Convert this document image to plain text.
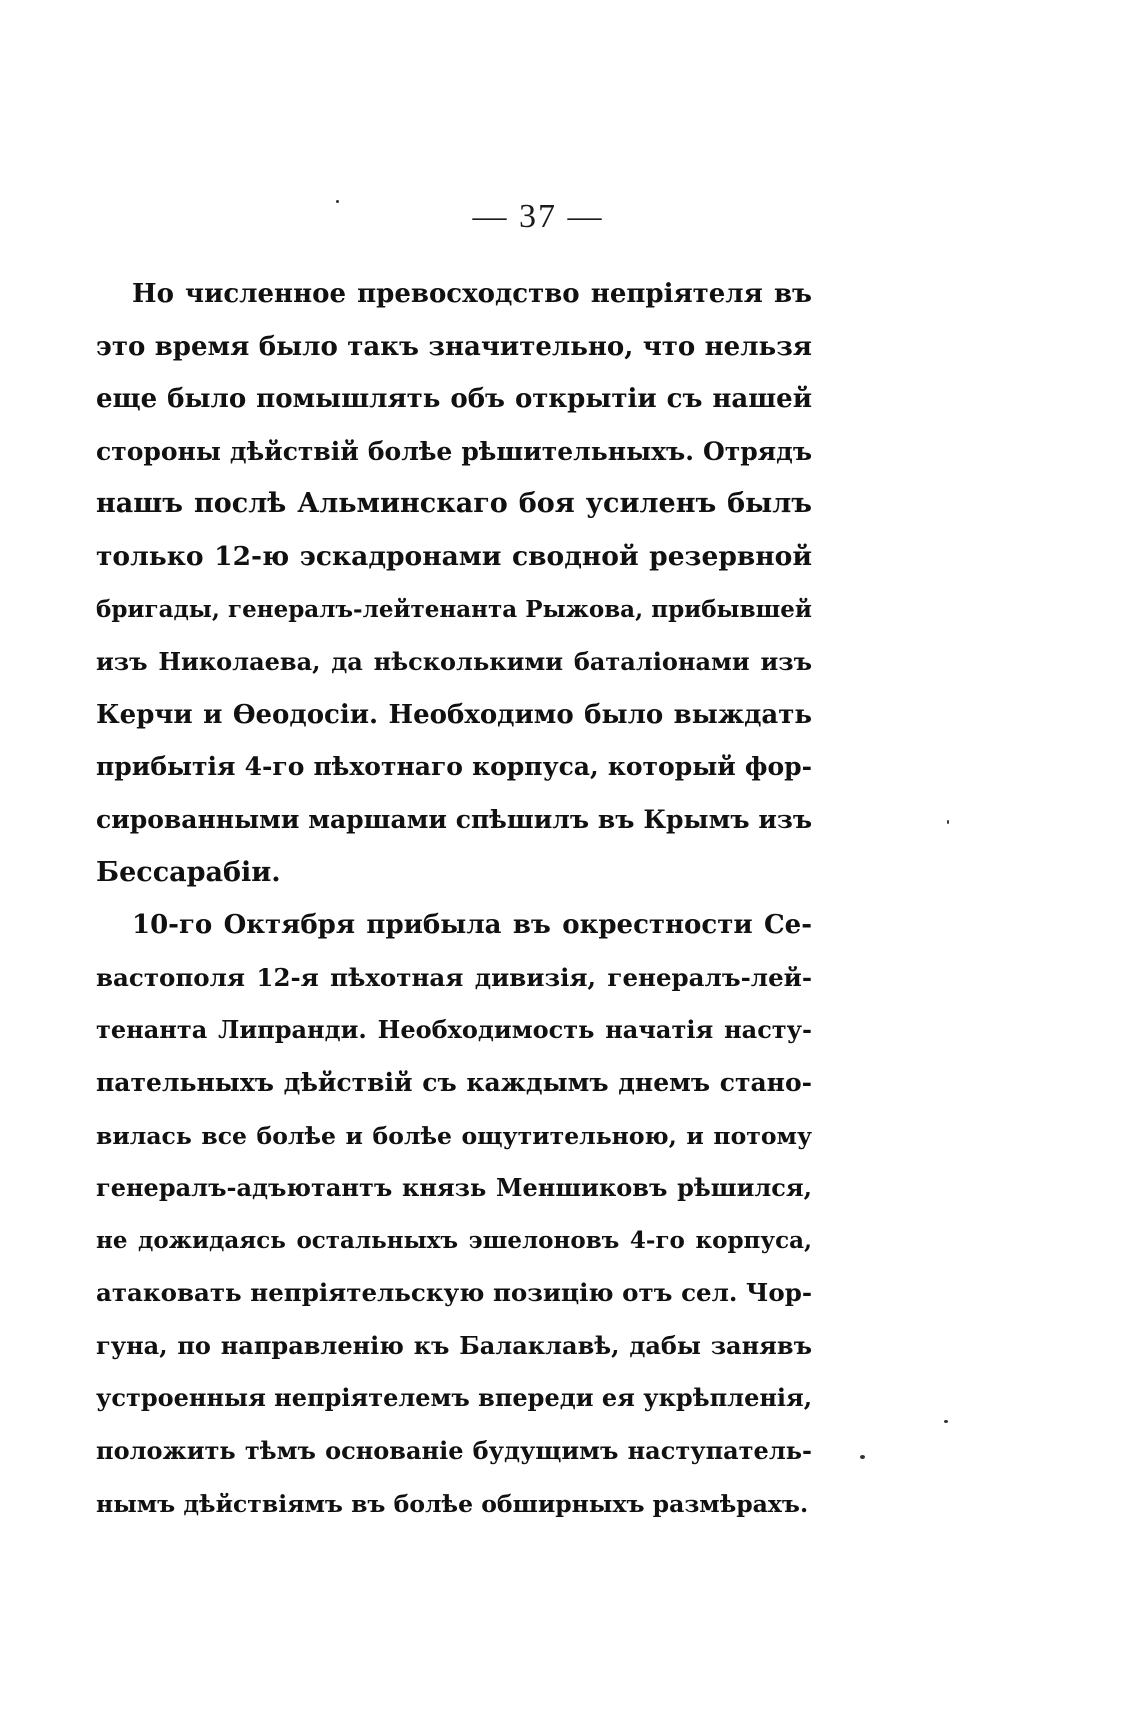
— 37 —
Но численное превосходство непріятеля въ
это время было такъ значительно, что нельзя
еще было помышлять объ открытіи съ нашей
стороны дѣйствій болѣе рѣшительныхъ. Отрядъ
нашъ послѣ Альминскаго боя усиленъ былъ
только 12-ю эскадронами сводной резервной
бригады, генералъ-лейтенанта Рыжова, прибывшей
изъ Николаева, да нѣсколькими баталіонами изъ
Керчи и Ѳеодосіи. Необходимо было выждать
прибытія 4-го пѣхотнаго корпуса, который фор-
сированными маршами спѣшилъ въ Крымъ изъ
Бессарабіи.
10-го Октября прибыла въ окрестности Се-
вастополя 12-я пѣхотная дивизія, генералъ-лей-
тенанта Липранди. Необходимость начатія насту-
пательныхъ дѣйствій съ каждымъ днемъ стано-
вилась все болѣе и болѣе ощутительною, и потому
генералъ-адъютантъ князь Меншиковъ рѣшился,
не дожидаясь остальныхъ эшелоновъ 4-го корпуса,
атаковать непріятельскую позицію отъ сел. Чор-
гуна, по направленію къ Балаклавѣ, дабы занявъ
устроенныя непріятелемъ впереди ея укрѣпленія,
положить тѣмъ основаніе будущимъ наступатель-
нымъ дѣйствіямъ въ болѣе обширныхъ размѣрахъ.
